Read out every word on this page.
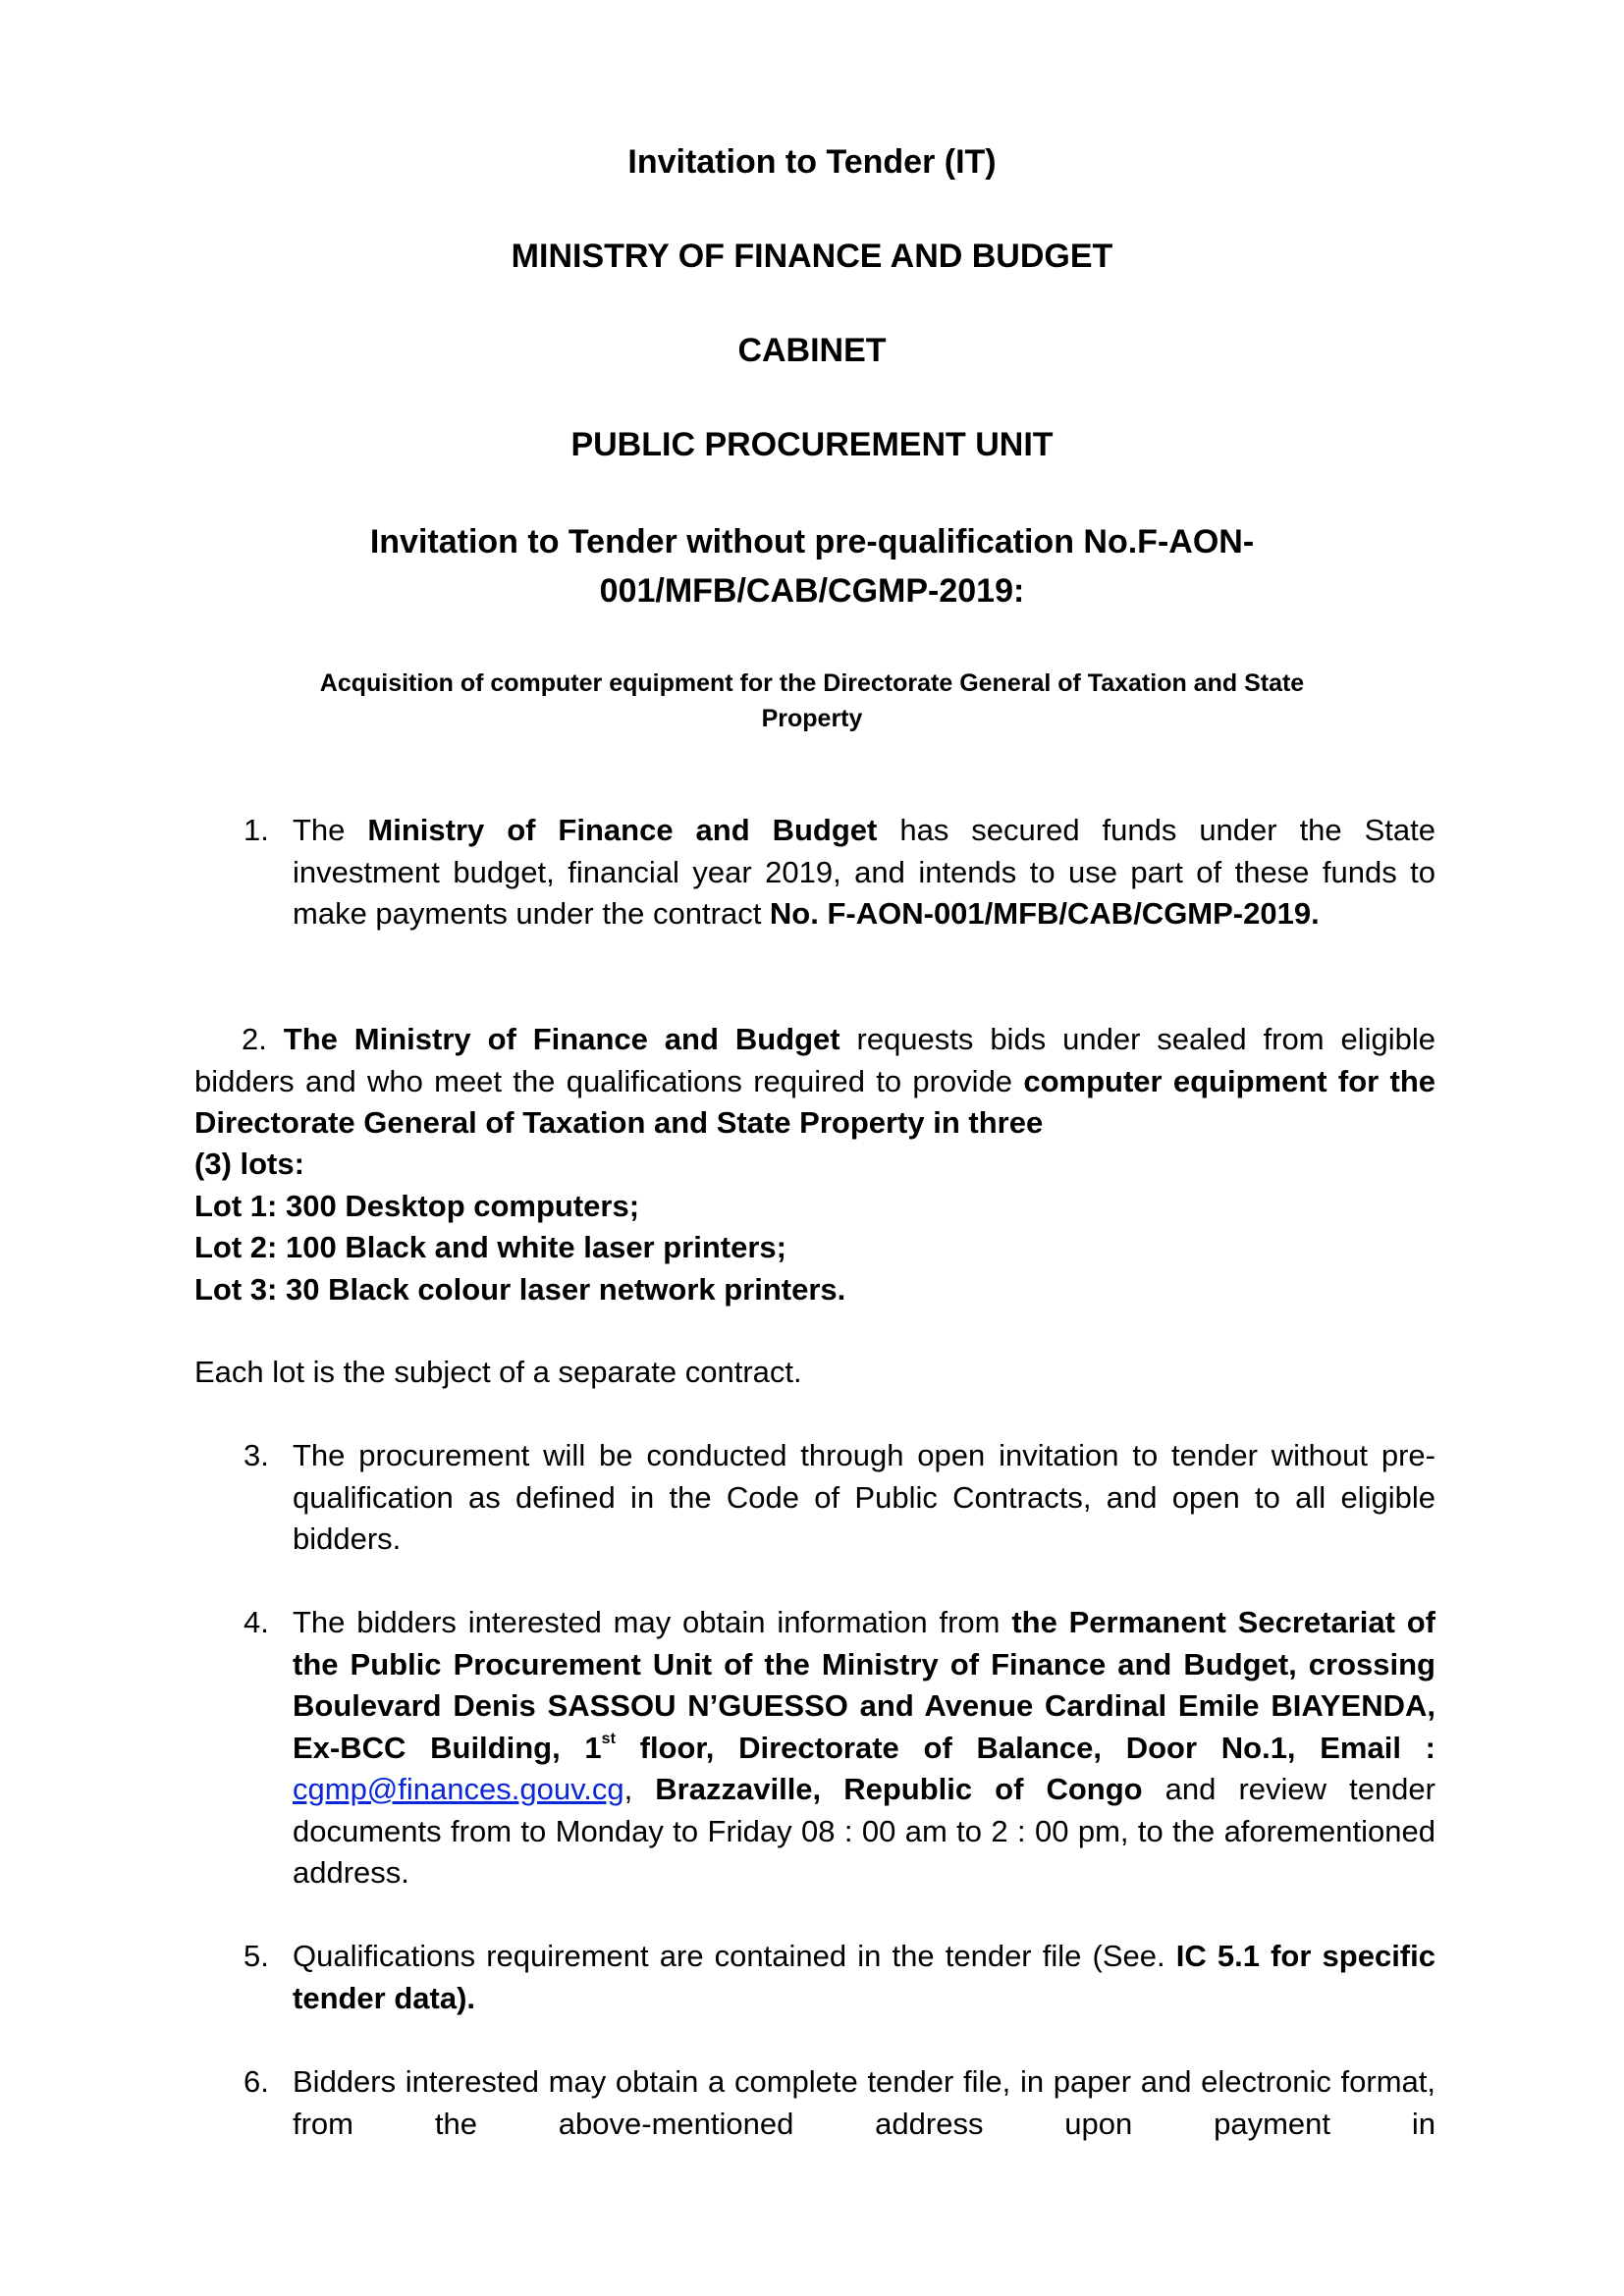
Invitation to Tender (IT)
MINISTRY OF FINANCE AND BUDGET
CABINET
PUBLIC PROCUREMENT UNIT
Invitation to Tender without pre-qualification No.F-AON-
001/MFB/CAB/CGMP-2019:
Acquisition of computer equipment for the Directorate General of Taxation and State
Property
1. The Ministry of Finance and Budget has secured funds under the State investment budget, financial year 2019, and intends to use part of these funds to make payments under the contract No. F-AON-001/MFB/CAB/CGMP-2019.
2. The Ministry of Finance and Budget requests bids under sealed from eligible bidders and who meet the qualifications required to provide computer equipment for the Directorate General of Taxation and State Property in three
(3) lots:
Lot 1: 300 Desktop computers;
Lot 2: 100 Black and white laser printers;
Lot 3: 30 Black colour laser network printers.
Each lot is the subject of a separate contract.
3. The procurement will be conducted through open invitation to tender without pre-qualification as defined in the Code of Public Contracts, and open to all eligible bidders.
4. The bidders interested may obtain information from the Permanent Secretariat of the Public Procurement Unit of the Ministry of Finance and Budget, crossing Boulevard Denis SASSOU N’GUESSO and Avenue Cardinal Emile BIAYENDA, Ex-BCC Building, 1st floor, Directorate of Balance, Door No.1, Email : cgmp@finances.gouv.cg, Brazzaville, Republic of Congo and review tender documents from to Monday to Friday 08 : 00 am to 2 : 00 pm, to the aforementioned address.
5. Qualifications requirement are contained in the tender file (See. IC 5.1 for specific tender data).
6. Bidders interested may obtain a complete tender file, in paper and electronic format, from the above-mentioned address upon payment in
